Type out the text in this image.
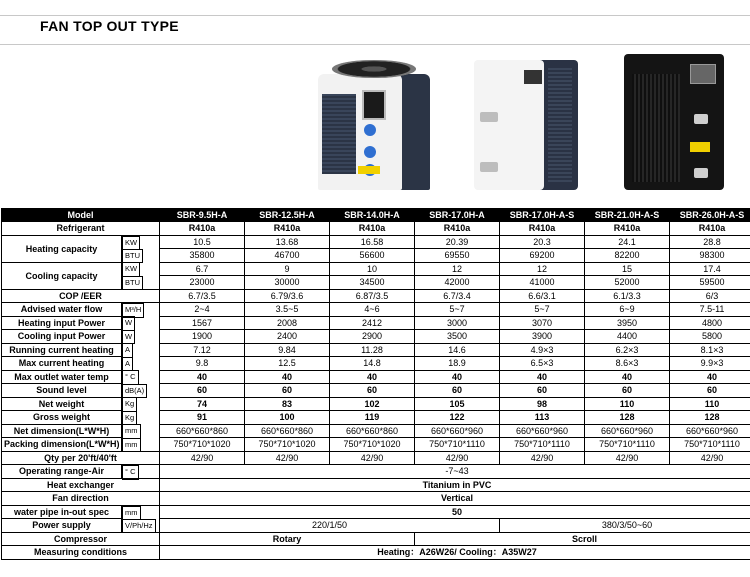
FAN TOP OUT TYPE
Model	SBR-9.5H-A	SBR-12.5H-A	SBR-14.0H-A	SBR-17.0H-A	SBR-17.0H-A-S	SBR-21.0H-A-S	SBR-26.0H-A-S
Refrigerant	R410a	R410a	R410a	R410a	R410a	R410a	R410a
Heating capacity	
KW	10.5	13.68	16.58	20.39	20.3	24.1	28.8

BTU	35800	46700	56600	69550	69200	82200	98300
Cooling capacity	
KW	6.7	9	10	12	12	15	17.4

BTU	23000	30000	34500	42000	41000	52000	59500
COP /EER	6.7/3.5	6.79/3.6	6.87/3.5	6.7/3.4	6.6/3.1	6.1/3.3	6/3
Advised water flow		M³/H	2~4	3.5~5	4~6	5~7	5~7	6~9	7.5-11
Heating input Power		W	1567	2008	2412	3000	3070	3950	4800
Cooling input Power		W	1900	2400	2900	3500	3900	4400	5800
Running current heating		A	7.12	9.84	11.28	14.6	4.9×3	6.2×3	8.1×3
Max current heating		A	9.8	12.5	14.8	18.9	6.5×3	8.6×3	9.9×3
Max outlet water temp		° C	40	40	40	40	40	40	40
Sound level		dB(A)	60	60	60	60	60	60	60
Net weight		Kg	74	83	102	105	98	110	110
Gross weight		Kg	91	100	119	122	113	128	128
Net dimension(L*W*H)		mm	660*660*860	660*660*860	660*660*860	660*660*960	660*660*960	660*660*960	660*660*960
Packing dimension(L*W*H)	mm	750*710*1020	750*710*1020	750*710*1020	750*710*1110	750*710*1110	750*710*1110	750*710*1110
Qty per 20'ft/40'ft	42/90	42/90	42/90	42/90	42/90	42/90	42/90
Operating range-Air		° C	-7~43						
Heat exchanger	Titanium in PVC						
Fan direction	Vertical						
water pipe in-out spec		mm	50						
Power supply		V/Ph/Hz	220/1/50				380/3/50~60		
Compressor	Rotary			Scroll			
Measuring conditions	Heating：A26W26/ Cooling：A35W27						
